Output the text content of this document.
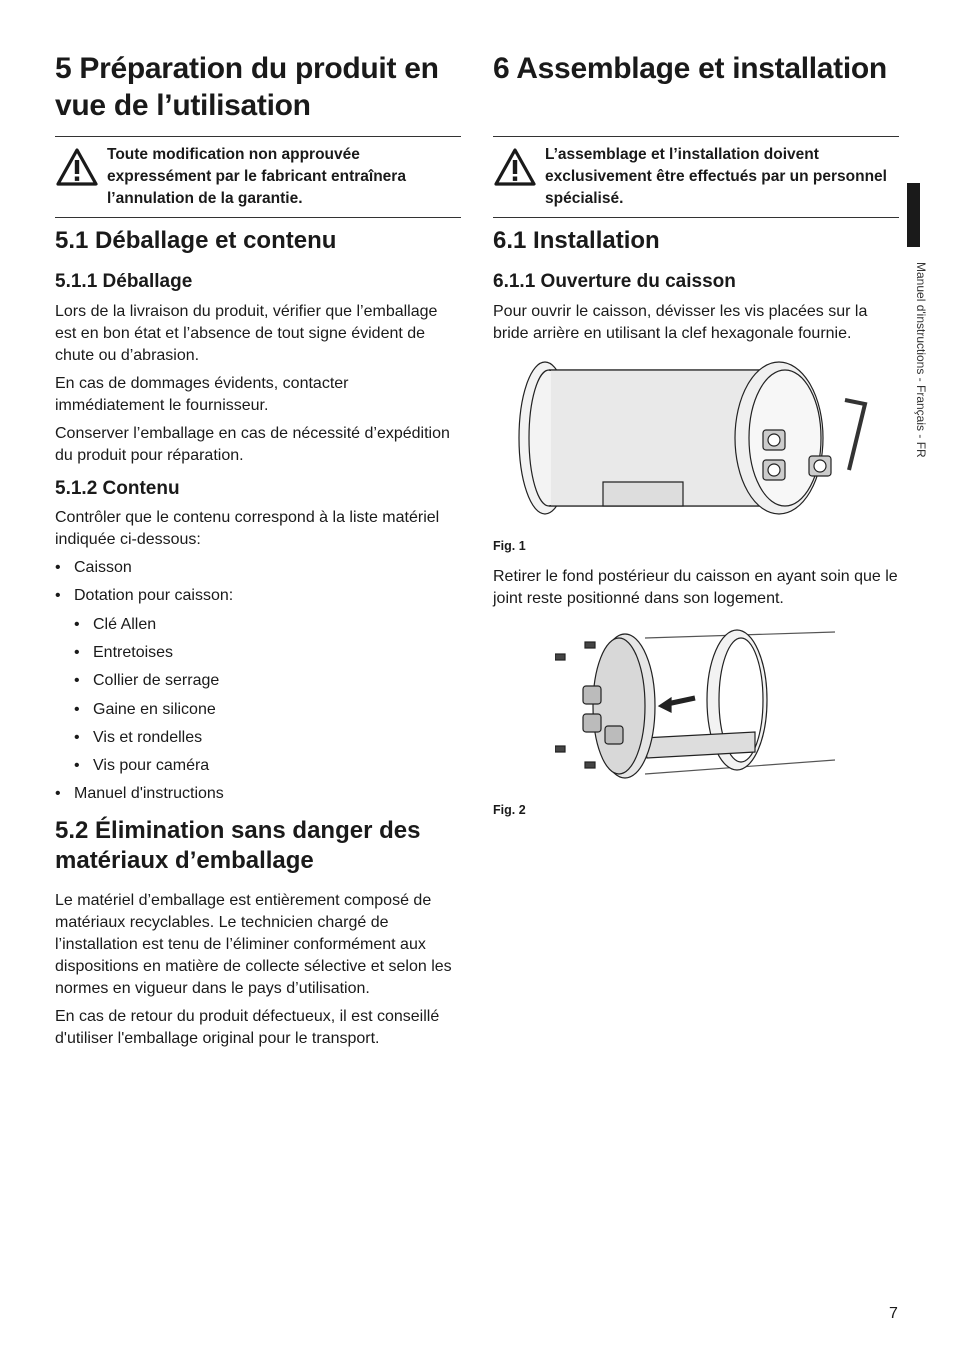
5 Préparation du produit en vue de l’utilisation
Toute modification non approuvée expressément par le fabricant entraînera l’annulation de la garantie.
5.1 Déballage et contenu
5.1.1 Déballage

Lors de la livraison du produit, vérifier que l’emballage est en bon état et l’absence de tout signe évident de chute ou d’abrasion.

En cas de dommages évidents, contacter immédiatement le fournisseur.

Conserver l’emballage en cas de nécessité d’expédition du produit pour réparation.

5.1.2 Contenu

Contrôler que le contenu correspond à la liste matériel indiquée ci-dessous:

• Caisson
• Dotation pour caisson:
• Clé Allen
• Entretoises
• Collier de serrage
• Gaine en silicone
• Vis et rondelles
• Vis pour caméra
• Manuel d'instructions
5.2 Élimination sans danger des matériaux d’emballage

Le matériel d’emballage est entièrement composé de matériaux recyclables. Le technicien chargé de l’installation est tenu de l’éliminer conformément aux dispositions en matière de collecte sélective et selon les normes en vigueur dans le pays d’utilisation.

En cas de retour du produit défectueux, il est conseillé d'utiliser l'emballage original pour le transport.

6 Assemblage et installation
L’assemblage et l’installation doivent exclusivement être effectués par un personnel spécialisé.
6.1 Installation
6.1.1 Ouverture du caisson

Pour ouvrir le caisson, dévisser les vis placées sur la bride arrière en utilisant la clef hexagonale fournie.

Fig. 1

Retirer le fond postérieur du caisson en ayant soin que le joint reste positionné dans son logement.

Fig. 2
Manuel d'instructions - Français - FR
7
